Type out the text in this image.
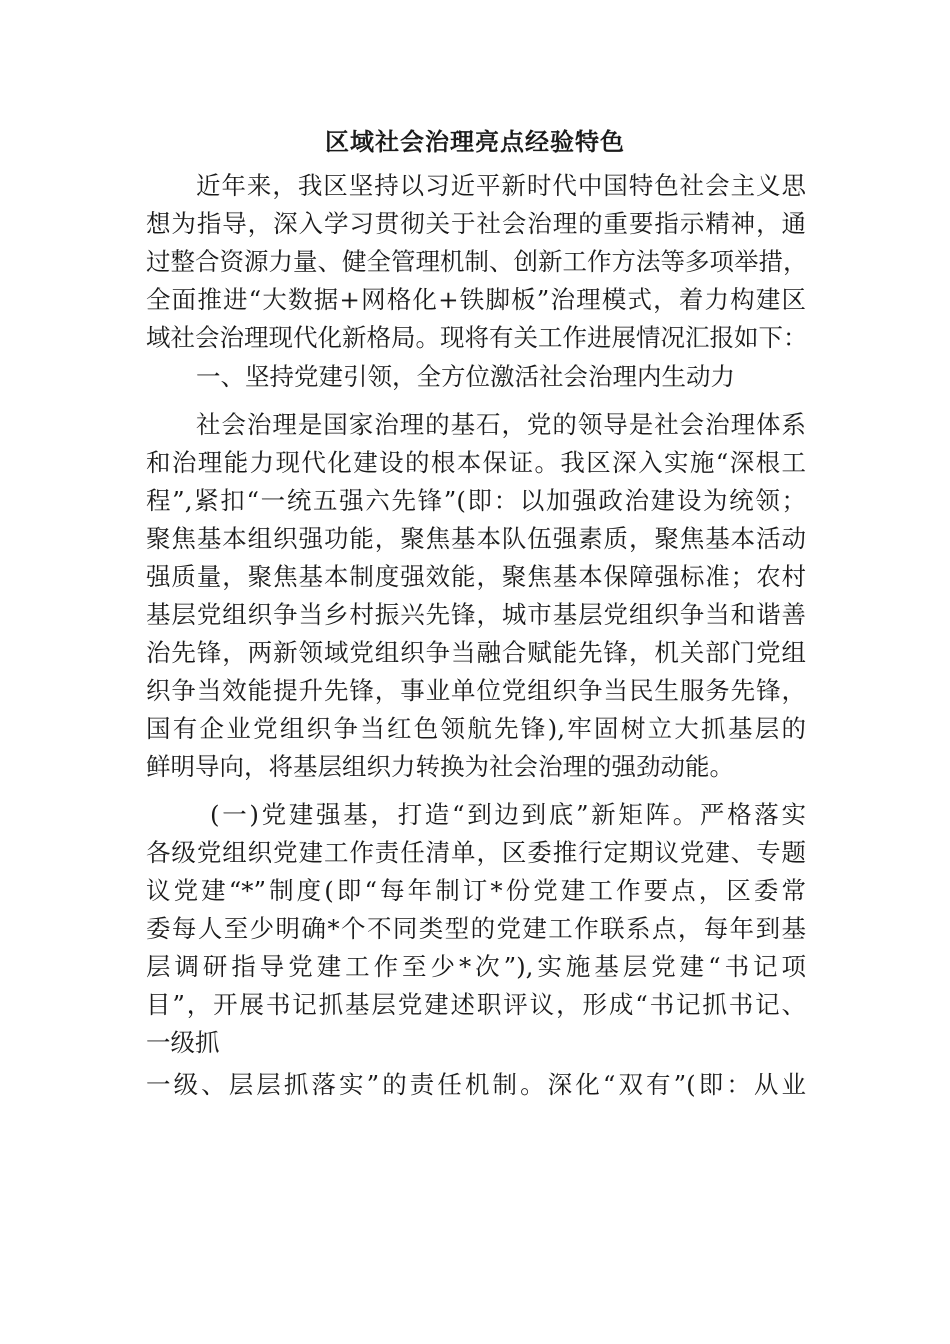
区域社会治理亮点经验特色
近年来，我区坚持以习近平新时代中国特色社会主义思
想为指导，深入学习贯彻关于社会治理的重要指示精神，通
过整合资源力量、健全管理机制、创新工作方法等多项举措，
全面推进“大数据+网格化+铁脚板”治理模式，着力构建区
域社会治理现代化新格局。现将有关工作进展情况汇报如下：
一、坚持党建引领，全方位激活社会治理内生动力
社会治理是国家治理的基石，党的领导是社会治理体系
和治理能力现代化建设的根本保证。我区深入实施“深根工
程”,紧扣“一统五强六先锋”(即：以加强政治建设为统领；
聚焦基本组织强功能，聚焦基本队伍强素质，聚焦基本活动
强质量，聚焦基本制度强效能，聚焦基本保障强标准；农村
基层党组织争当乡村振兴先锋，城市基层党组织争当和谐善
治先锋，两新领域党组织争当融合赋能先锋，机关部门党组
织争当效能提升先锋，事业单位党组织争当民生服务先锋，
国有企业党组织争当红色领航先锋),牢固树立大抓基层的
鲜明导向，将基层组织力转换为社会治理的强劲动能。
(一)党建强基，打造“到边到底”新矩阵。严格落实
各级党组织党建工作责任清单，区委推行定期议党建、专题
议党建“*”制度(即“每年制订*份党建工作要点，区委常
委每人至少明确*个不同类型的党建工作联系点，每年到基
层调研指导党建工作至少*次”),实施基层党建“书记项
目”，开展书记抓基层党建述职评议，形成“书记抓书记、
一级抓
一级、层层抓落实”的责任机制。深化“双有”(即：从业
